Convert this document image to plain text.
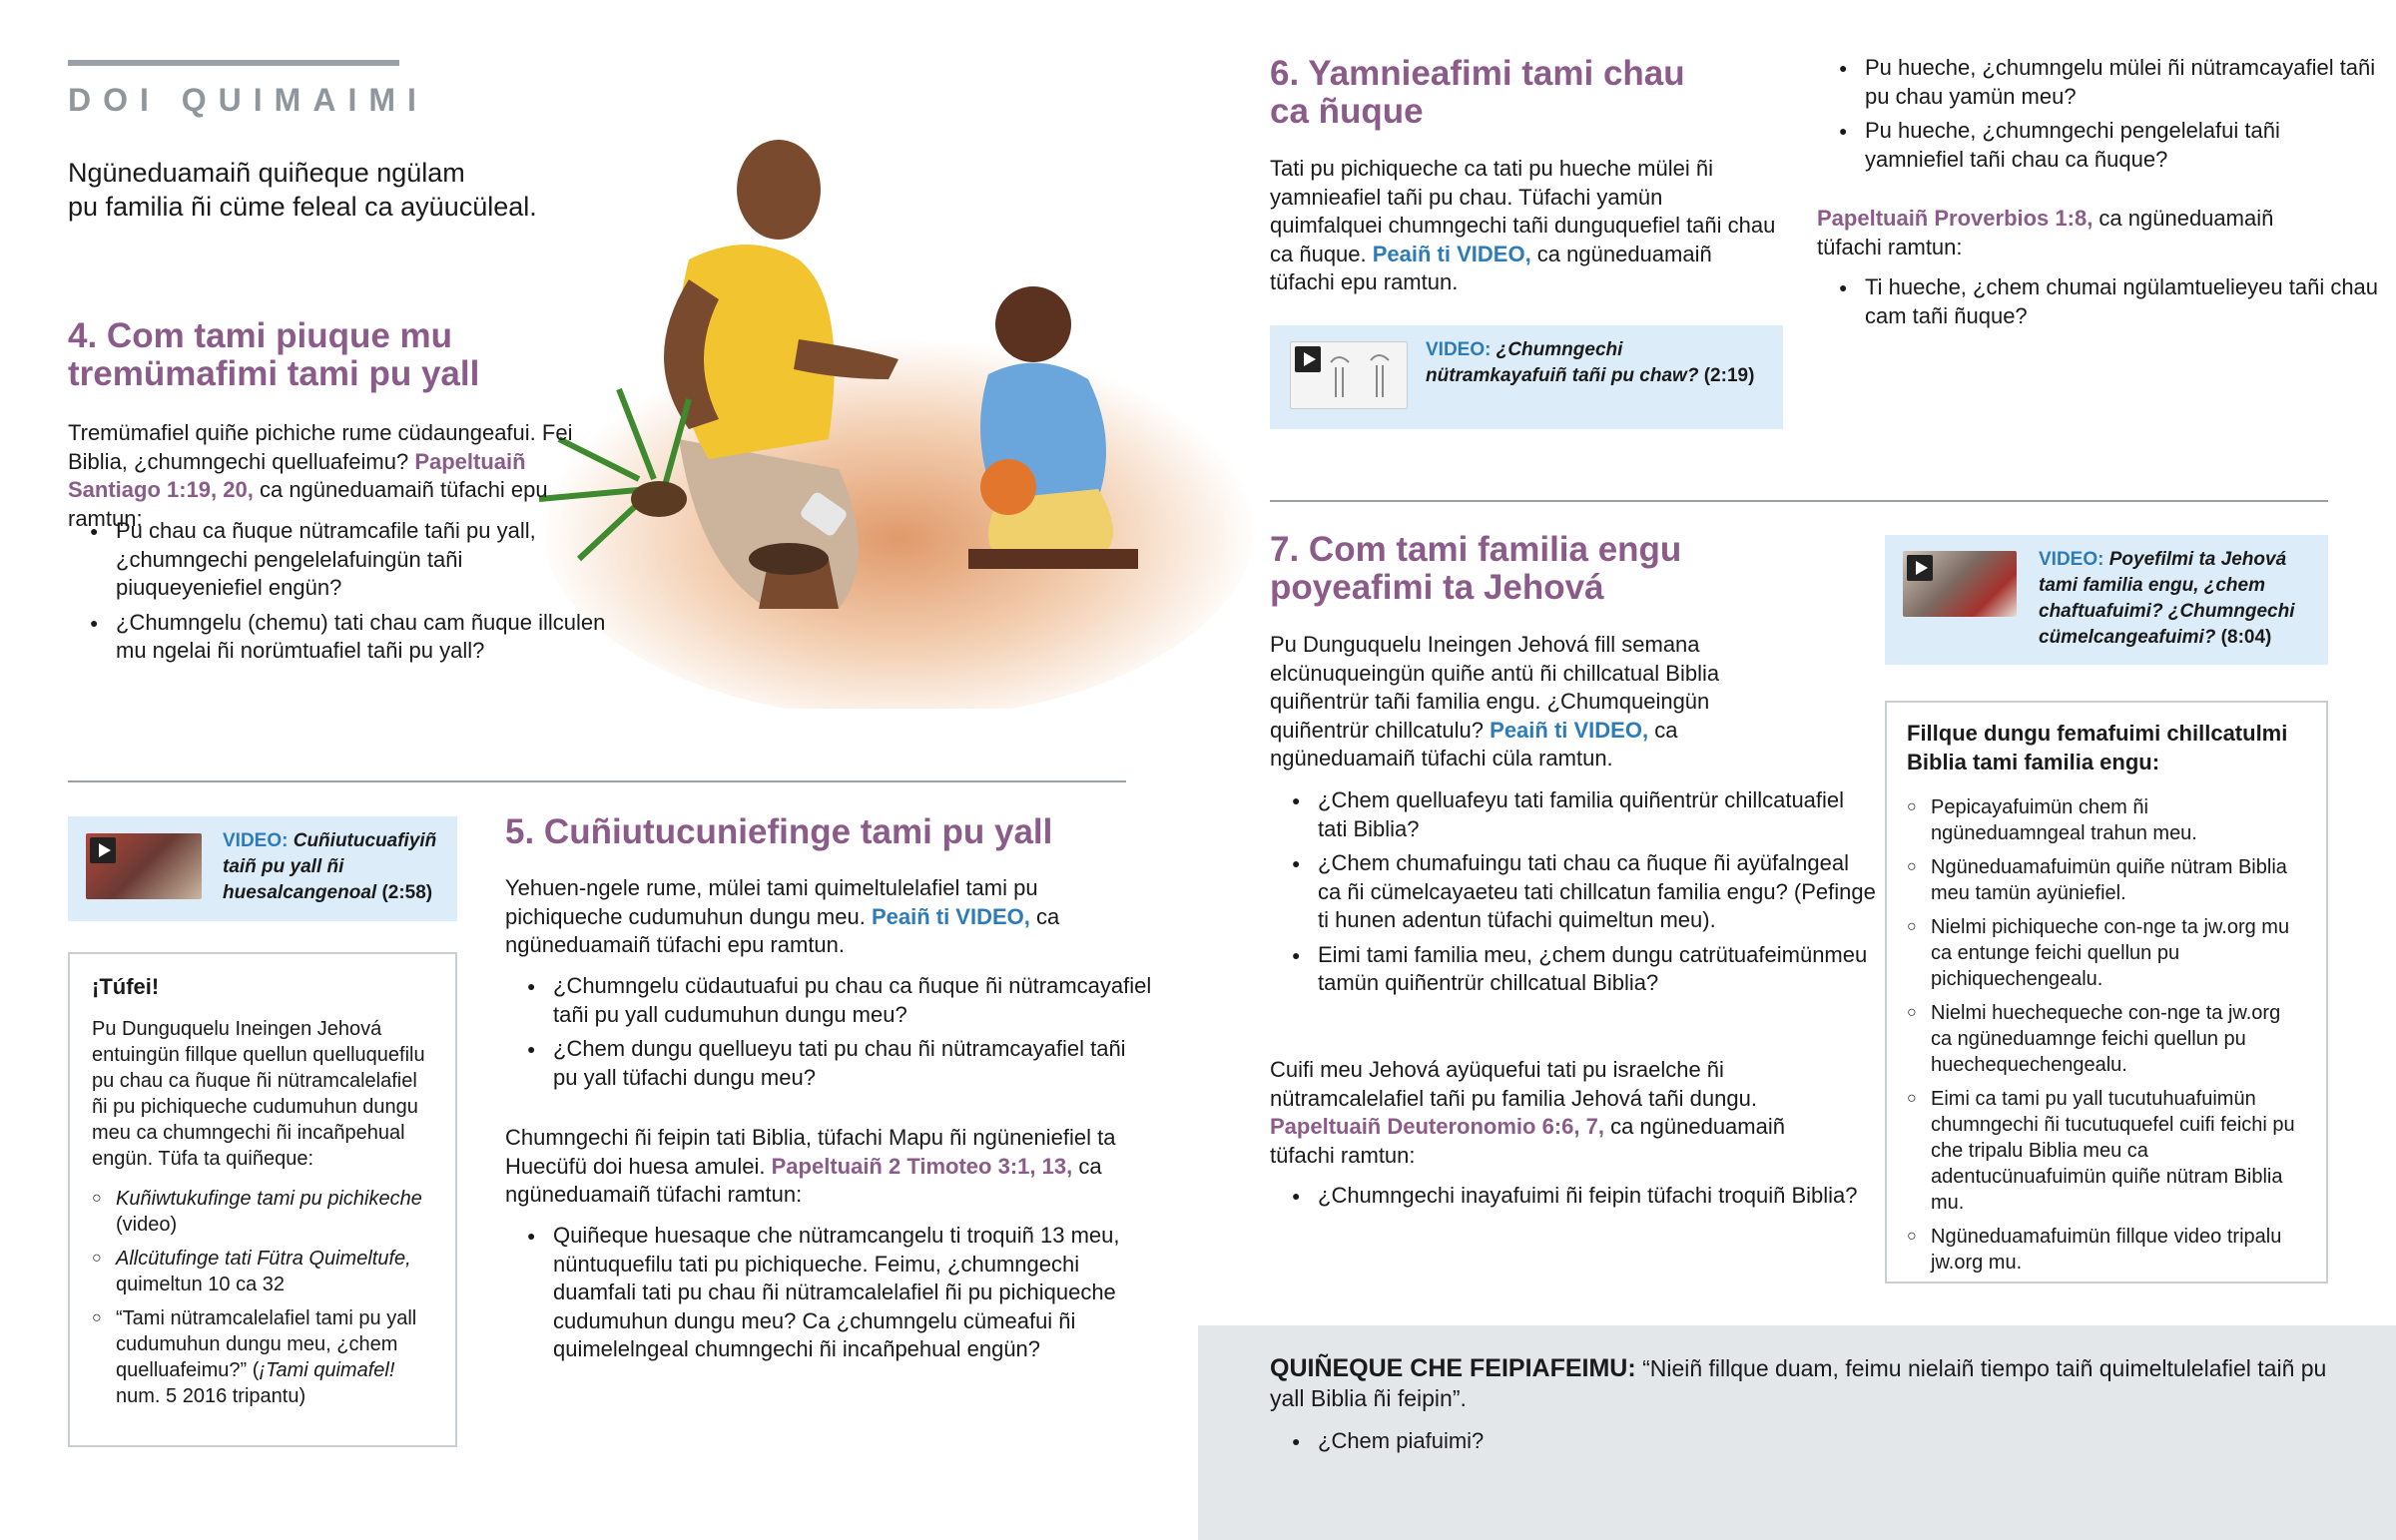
DOI QUIMAIMI
Ngüneduamaiñ quiñeque ngülam
pu familia ñi cüme feleal ca ayüucüleal.
4. Com tami piuque mu
tremümafimi tami pu yall
Tremümafiel quiñe pichiche rume cüdaungeafui. Fei Biblia, ¿chumngechi quelluafeimu? Papeltuaiñ Santiago 1:19, 20, ca ngüneduamaiñ tüfachi epu ramtun:
● Pu chau ca ñuque nütramcafile tañi pu yall, ¿chumngechi pengelelafuingün tañi piuqueyeniefiel engün?
● ¿Chumngelu (chemu) tati chau cam ñuque illculen mu ngelai ñi norümtuafiel tañi pu yall?
VIDEO: Cuñiutucuafiyiñ taiñ pu yall ñi huesalcangenoal (2:58)
¡Túfei!
Pu Dunguquelu Ineingen Jehová entuingün fillque quellun quelluquefilu pu chau ca ñuque ñi nütramcalelafiel ñi pu pichiqueche cudumuhun dungu meu ca chumngechi ñi incañpehual engün. Tüfa ta quiñeque:
○ Kuñiwtukufinge tami pu pichikeche (video)
○ Allcütufinge tati Fütra Quimeltufe, quimeltun 10 ca 32
○ “Tami nütramcalelafiel tami pu yall cudumuhun dungu meu, ¿chem quelluafeimu?” (¡Tami quimafel! num. 5 2016 tripantu)
5. Cuñiutucuniefinge tami pu yall
Yehuen-ngele rume, mülei tami quimeltulelafiel tami pu pichiqueche cudumuhun dungu meu. Peaiñ ti VIDEO, ca ngüneduamaiñ tüfachi epu ramtun.
● ¿Chumngelu cüdautuafui pu chau ca ñuque ñi nütramcayafiel tañi pu yall cudumuhun dungu meu?
● ¿Chem dungu quellueyu tati pu chau ñi nütramcayafiel tañi pu yall tüfachi dungu meu?
Chumngechi ñi feipin tati Biblia, tüfachi Mapu ñi ngüneniefiel ta Huecüfü doi huesa amulei. Papeltuaiñ 2 Timoteo 3:1, 13, ca ngüneduamaiñ tüfachi ramtun:
● Quiñeque huesaque che nütramcangelu ti troquiñ 13 meu, nüntuquefilu tati pu pichiqueche. Feimu, ¿chumngechi duamfali tati pu chau ñi nütramcalelafiel ñi pu pichiqueche cudumuhun dungu meu? Ca ¿chumngelu cümeafui ñi quimelelngeal chumngechi ñi incañpehual engün?
6. Yamnieafimi tami chau
ca ñuque
Tati pu pichiqueche ca tati pu hueche mülei ñi yamnieafiel tañi pu chau. Tüfachi yamün quimfalquei chumngechi tañi dunguquefiel tañi chau ca ñuque. Peaiñ ti VIDEO, ca ngüneduamaiñ tüfachi epu ramtun.
VIDEO: ¿Chumngechi nütramkayafuiñ tañi pu chaw? (2:19)
● Pu hueche, ¿chumngelu mülei ñi nütramcayafiel tañi pu chau yamün meu?
● Pu hueche, ¿chumngechi pengelelafui tañi yamniefiel tañi chau ca ñuque?
Papeltuaiñ Proverbios 1:8, ca ngüneduamaiñ tüfachi ramtun:
● Ti hueche, ¿chem chumai ngülamtuelieyeu tañi chau cam tañi ñuque?
7. Com tami familia engu
poyeafimi ta Jehová
Pu Dunguquelu Ineingen Jehová fill semana elcünuqueingün quiñe antü ñi chillcatual Biblia quiñentrür tañi familia engu. ¿Chumqueingün quiñentrür chillcatulu? Peaiñ ti VIDEO, ca ngüneduamaiñ tüfachi cüla ramtun.
● ¿Chem quelluafeyu tati familia quiñentrür chillcatuafiel tati Biblia?
● ¿Chem chumafuingu tati chau ca ñuque ñi ayüfalngeal ca ñi cümelcayaeteu tati chillcatun familia engu? (Pefinge ti hunen adentun tüfachi quimeltun meu).
● Eimi tami familia meu, ¿chem dungu catrütuafeimünmeu tamün quiñentrür chillcatual Biblia?
Cuifi meu Jehová ayüquefui tati pu israelche ñi nütramcalelafiel tañi pu familia Jehová tañi dungu. Papeltuaiñ Deuteronomio 6:6, 7, ca ngüneduamaiñ tüfachi ramtun:
● ¿Chumngechi inayafuimi ñi feipin tüfachi troquiñ Biblia?
VIDEO: Poyefilmi ta Jehová tami familia engu, ¿chem chaftuafuimi? ¿Chumngechi cümelcangeafuimi? (8:04)
Fillque dungu femafuimi chillcatulmi Biblia tami familia engu:
○ Pepicayafuimün chem ñi ngüneduamngeal trahun meu.
○ Ngüneduamafuimün quiñe nütram Biblia meu tamün ayüniefiel.
○ Nielmi pichiqueche con-nge ta jw.org mu ca entunge feichi quellun pu pichiquechengealu.
○ Nielmi huechequeche con-nge ta jw.org ca ngüneduamnge feichi quellun pu huechequechengealu.
○ Eimi ca tami pu yall tucutuhuafuimün chumngechi ñi tucutuquefel cuifi feichi pu che tripalu Biblia meu ca adentucünuafuimün quiñe nütram Biblia mu.
○ Ngüneduamafuimün fillque video tripalu jw.org mu.
QUIÑEQUE CHE FEIPIAFEIMU: “Nieiñ fillque duam, feimu nielaiñ tiempo taiñ quimeltulelafiel taiñ pu yall Biblia ñi feipin”.
● ¿Chem piafuimi?
